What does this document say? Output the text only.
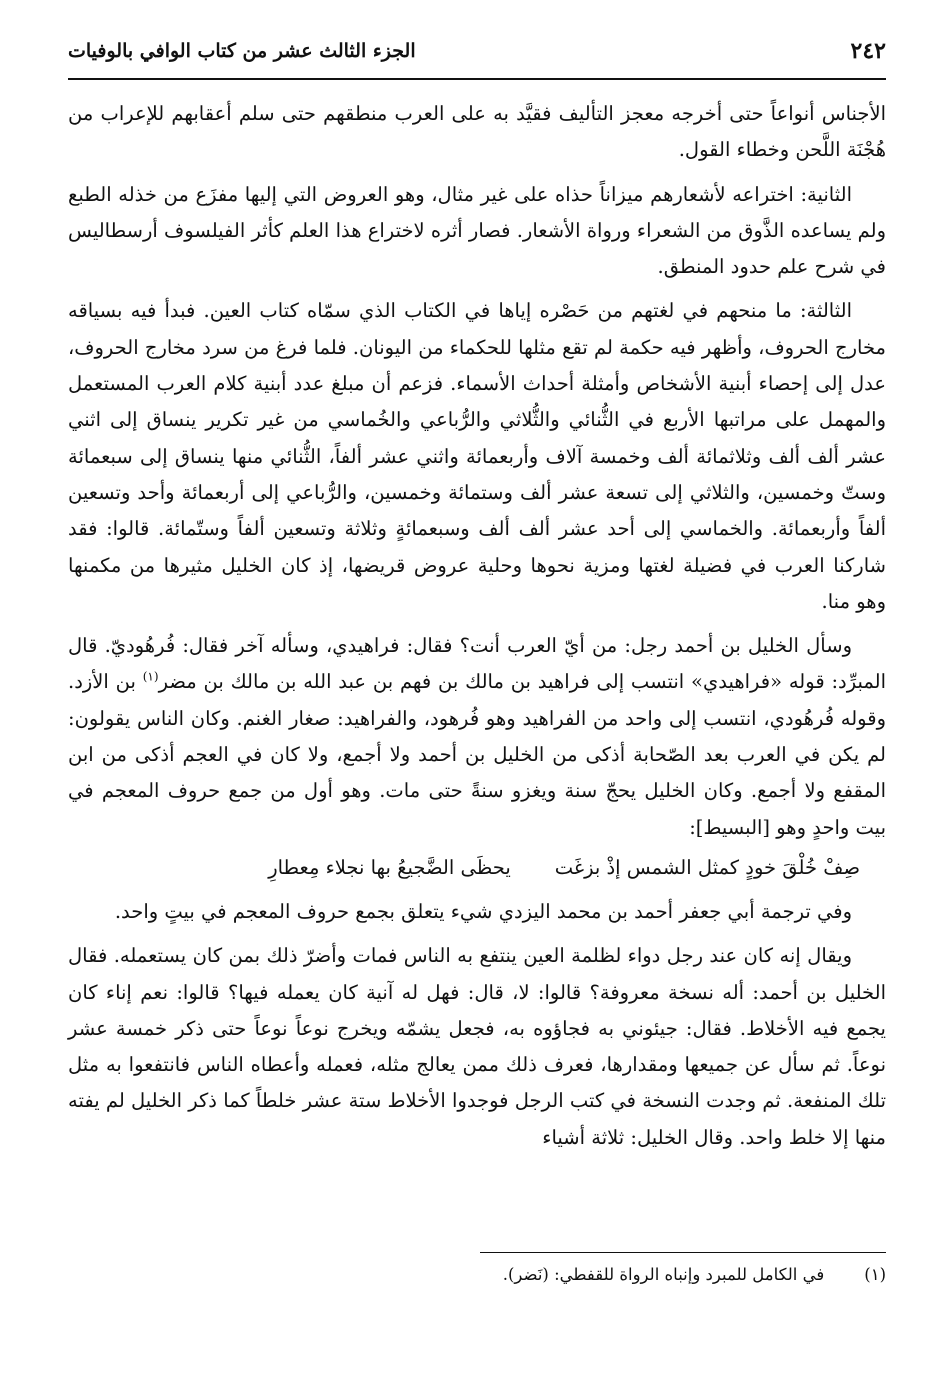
٢٤٢
الجزء الثالث عشر من كتاب الوافي بالوفيات

الأجناس أنواعاً حتى أخرجه معجز التأليف فقيَّد به على العرب منطقهم حتى سلم أعقابهم للإعراب من هُجْنَة اللَّحن وخطاء القول.

الثانية: اختراعه لأشعارهم ميزاناً حذاه على غير مثال، وهو العروض التي إليها مفزَع من خذله الطبع ولم يساعده الذَّوق من الشعراء ورواة الأشعار. فصار أثره لاختراع هذا العلم كأثر الفيلسوف أرسطاليس في شرح علم حدود المنطق.

الثالثة: ما منحهم في لغتهم من حَصْره إياها في الكتاب الذي سمّاه كتاب العين. فبدأ فيه بسياقه مخارج الحروف، وأظهر فيه حكمة لم تقع مثلها للحكماء من اليونان. فلما فرغ من سرد مخارج الحروف، عدل إلى إحصاء أبنية الأشخاص وأمثلة أحداث الأسماء. فزعم أن مبلغ عدد أبنية كلام العرب المستعمل والمهمل على مراتبها الأربع في الثُّنائي والثُّلاثي والرُّباعي والخُماسي من غير تكرير ينساق إلى اثني عشر ألف ألف وثلاثمائة ألف وخمسة آلاف وأربعمائة واثني عشر ألفاً، الثُّنائي منها ينساق إلى سبعمائة وستّ وخمسين، والثلاثي إلى تسعة عشر ألف وستمائة وخمسين، والرُّباعي إلى أربعمائة وأحد وتسعين ألفاً وأربعمائة. والخماسي إلى أحد عشر ألف ألف وسبعمائةٍ وثلاثة وتسعين ألفاً وستّمائة. قالوا: فقد شاركنا العرب في فضيلة لغتها ومزية نحوها وحلية عروض قريضها، إذ كان الخليل مثيرها من مكمنها وهو منا.

وسأل الخليل بن أحمد رجل: من أيّ العرب أنت؟ فقال: فراهيدي، وسأله آخر فقال: فُرهُوديّ. قال المبرِّد: قوله «فراهيدي» انتسب إلى فراهيد بن مالك بن فهم بن عبد الله بن مالك بن مضر$^{(١)}$ بن الأزد. وقوله فُرهُودي، انتسب إلى واحد من الفراهيد وهو فُرهود، والفراهيد: صغار الغنم. وكان الناس يقولون: لم يكن في العرب بعد الصّحابة أذكى من الخليل بن أحمد ولا أجمع، ولا كان في العجم أذكى من ابن المقفع ولا أجمع. وكان الخليل يحجّ سنة ويغزو سنةً حتى مات. وهو أول من جمع حروف المعجم في بيت واحدٍ وهو [البسيط]:

صِفْ خُلْقَ خودٍ كمثل الشمس إذْ بزغَت
يحظَى الضَّجيعُ بها نجلاء مِعطارِ

وفي ترجمة أبي جعفر أحمد بن محمد اليزدي شيء يتعلق بجمع حروف المعجم في بيتٍ واحد.

ويقال إنه كان عند رجل دواء لظلمة العين ينتفع به الناس فمات وأضرّ ذلك بمن كان يستعمله. فقال الخليل بن أحمد: أله نسخة معروفة؟ قالوا: لا، قال: فهل له آنية كان يعمله فيها؟ قالوا: نعم إناء كان يجمع فيه الأخلاط. فقال: جيئوني به فجاؤوه به، فجعل يشمّه ويخرج نوعاً نوعاً حتى ذكر خمسة عشر نوعاً. ثم سأل عن جميعها ومقدارها، فعرف ذلك ممن يعالج مثله، فعمله وأعطاه الناس فانتفعوا به مثل تلك المنفعة. ثم وجدت النسخة في كتب الرجل فوجدوا الأخلاط ستة عشر خلطاً كما ذكر الخليل لم يفته منها إلا خلط واحد. وقال الخليل: ثلاثة أشياء

(١)
في الكامل للمبرد وإنباه الرواة للقفطي: (نَضر).
